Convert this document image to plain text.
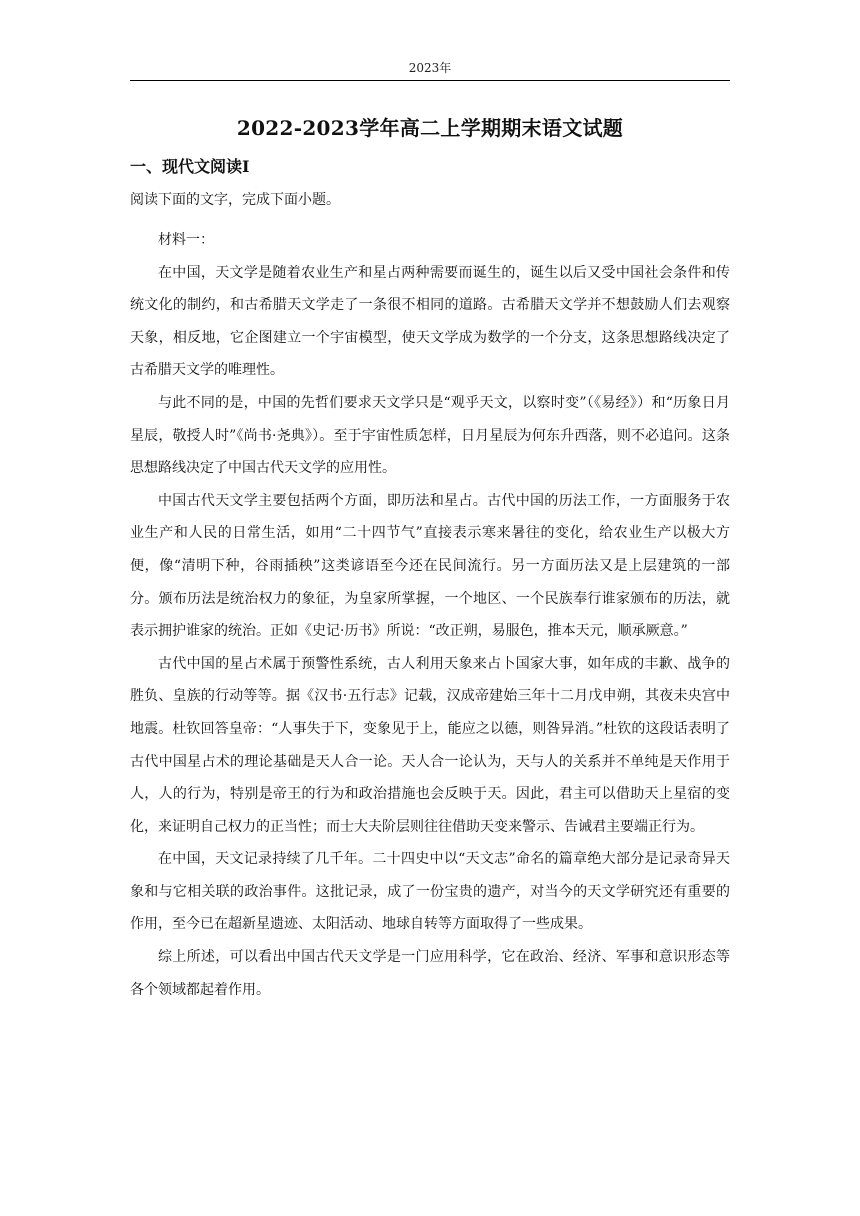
2023年
2022-2023学年高二上学期期末语文试题
一、现代文阅读Ⅰ
阅读下面的文字，完成下面小题。

材料一：

在中国，天文学是随着农业生产和星占两种需要而诞生的，诞生以后又受中国社会条件和传统文化的制约，和古希腊天文学走了一条很不相同的道路。古希腊天文学并不想鼓励人们去观察天象，相反地，它企图建立一个宇宙模型，使天文学成为数学的一个分支，这条思想路线决定了古希腊天文学的唯理性。

与此不同的是，中国的先哲们要求天文学只是“观乎天文，以察时变”（《易经》）和“历象日月星辰，敬授人时”《尚书·尧典》）。至于宇宙性质怎样，日月星辰为何东升西落，则不必追问。这条思想路线决定了中国古代天文学的应用性。

中国古代天文学主要包括两个方面，即历法和星占。古代中国的历法工作，一方面服务于农业生产和人民的日常生活，如用“二十四节气”直接表示寒来暑往的变化，给农业生产以极大方便，像“清明下种，谷雨插秧”这类谚语至今还在民间流行。另一方面历法又是上层建筑的一部分。颁布历法是统治权力的象征，为皇家所掌握，一个地区、一个民族奉行谁家颁布的历法，就表示拥护谁家的统治。正如《史记·历书》所说：“改正朔，易服色，推本天元，顺承厥意。”

古代中国的星占术属于预警性系统，古人利用天象来占卜国家大事，如年成的丰歉、战争的胜负、皇族的行动等等。据《汉书·五行志》记载，汉成帝建始三年十二月戊申朔，其夜未央宫中地震。杜钦回答皇帝：“人事失于下，变象见于上，能应之以德，则咎异消。”杜钦的这段话表明了古代中国星占术的理论基础是天人合一论。天人合一论认为，天与人的关系并不单纯是天作用于人，人的行为，特别是帝王的行为和政治措施也会反映于天。因此，君主可以借助天上星宿的变化，来证明自己权力的正当性；而士大夫阶层则往往借助天变来警示、告诫君主要端正行为。

在中国，天文记录持续了几千年。二十四史中以“天文志”命名的篇章绝大部分是记录奇异天象和与它相关联的政治事件。这批记录，成了一份宝贵的遗产，对当今的天文学研究还有重要的作用，至今已在超新星遗迹、太阳活动、地球自转等方面取得了一些成果。

综上所述，可以看出中国古代天文学是一门应用科学，它在政治、经济、军事和意识形态等各个领域都起着作用。
